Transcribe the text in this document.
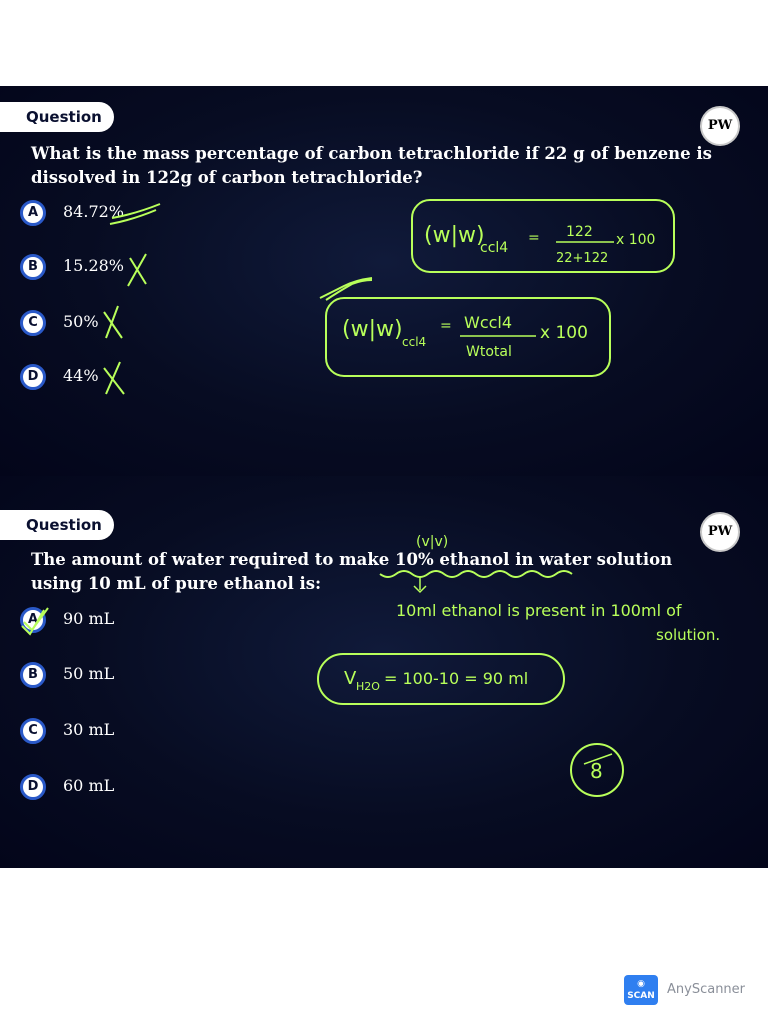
Question	PW

What is the mass percentage of carbon tetrachloride if 22 g of benzene is dissolved in 122g of carbon tetrachloride?

A	84.72%
B	15.28%
C	50%
D	44%
(w|w)
ccl4
= 122
22+122
x 100
(w|w) ccl4
= Wccl4
Wtotal
x 100
Question	PW

The amount of water required to make 10% ethanol in water solution using 10 mL of pure ethanol is:

A	90 mL
B	50 mL
C	30 mL
D	60 mL
(v|v)
10ml ethanol is present in 100ml of
solution.
V H2O = 100-10 = 90 ml
8
◉
SCAN AnyScanner
